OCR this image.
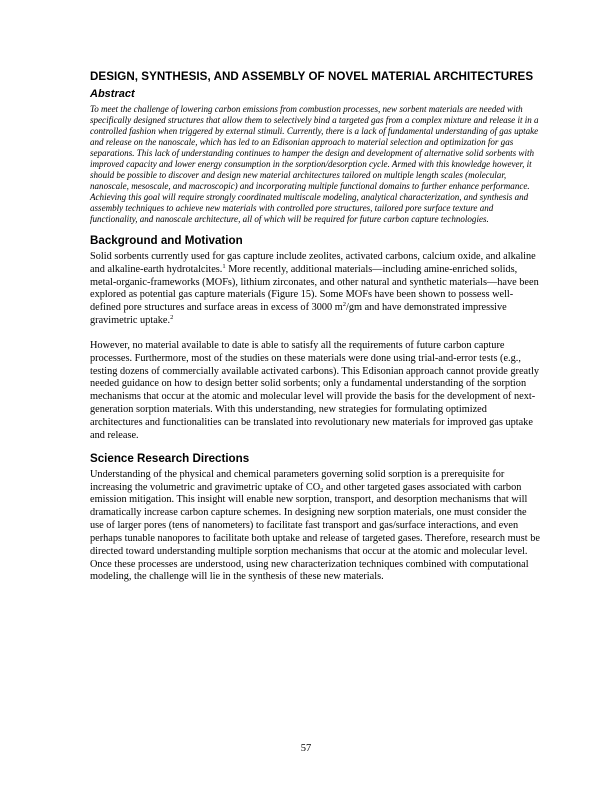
DESIGN, SYNTHESIS, AND ASSEMBLY OF NOVEL MATERIAL ARCHITECTURES
Abstract

To meet the challenge of lowering carbon emissions from combustion processes, new sorbent materials are needed with specifically designed structures that allow them to selectively bind a targeted gas from a complex mixture and release it in a controlled fashion when triggered by external stimuli. Currently, there is a lack of fundamental understanding of gas uptake and release on the nanoscale, which has led to an Edisonian approach to material selection and optimization for gas separations. This lack of understanding continues to hamper the design and development of alternative solid sorbents with improved capacity and lower energy consumption in the sorption/desorption cycle. Armed with this knowledge however, it should be possible to discover and design new material architectures tailored on multiple length scales (molecular, nanoscale, mesoscale, and macroscopic) and incorporating multiple functional domains to further enhance performance. Achieving this goal will require strongly coordinated multiscale modeling, analytical characterization, and synthesis and assembly techniques to achieve new materials with controlled pore structures, tailored pore surface texture and functionality, and nanoscale architecture, all of which will be required for future carbon capture technologies.

Background and Motivation

Solid sorbents currently used for gas capture include zeolites, activated carbons, calcium oxide, and alkaline and alkaline-earth hydrotalcites.$^1$ More recently, additional materials—including amine-enriched solids, metal-organic-frameworks (MOFs), lithium zirconates, and other natural and synthetic materials—have been explored as potential gas capture materials (Figure 15). Some MOFs have been shown to possess well-defined pore structures and surface areas in excess of 3000 $m^2/gm$ and have demonstrated impressive gravimetric uptake.$^2$

However, no material available to date is able to satisfy all the requirements of future carbon capture processes. Furthermore, most of the studies on these materials were done using trial-and-error tests (e.g., testing dozens of commercially available activated carbons). This Edisonian approach cannot provide greatly needed guidance on how to design better solid sorbents; only a fundamental understanding of the sorption mechanisms that occur at the atomic and molecular level will provide the basis for the development of next-generation sorption materials. With this understanding, new strategies for formulating optimized architectures and functionalities can be translated into revolutionary new materials for improved gas uptake and release.

Science Research Directions

Understanding of the physical and chemical parameters governing solid sorption is a prerequisite for increasing the volumetric and gravimetric uptake of $CO_2$ and other targeted gases associated with carbon emission mitigation. This insight will enable new sorption, transport, and desorption mechanisms that will dramatically increase carbon capture schemes. In designing new sorption materials, one must consider the use of larger pores (tens of nanometers) to facilitate fast transport and gas/surface interactions, and even perhaps tunable nanopores to facilitate both uptake and release of targeted gases. Therefore, research must be directed toward understanding multiple sorption mechanisms that occur at the atomic and molecular level. Once these processes are understood, using new characterization techniques combined with computational modeling, the challenge will lie in the synthesis of these new materials.

57
